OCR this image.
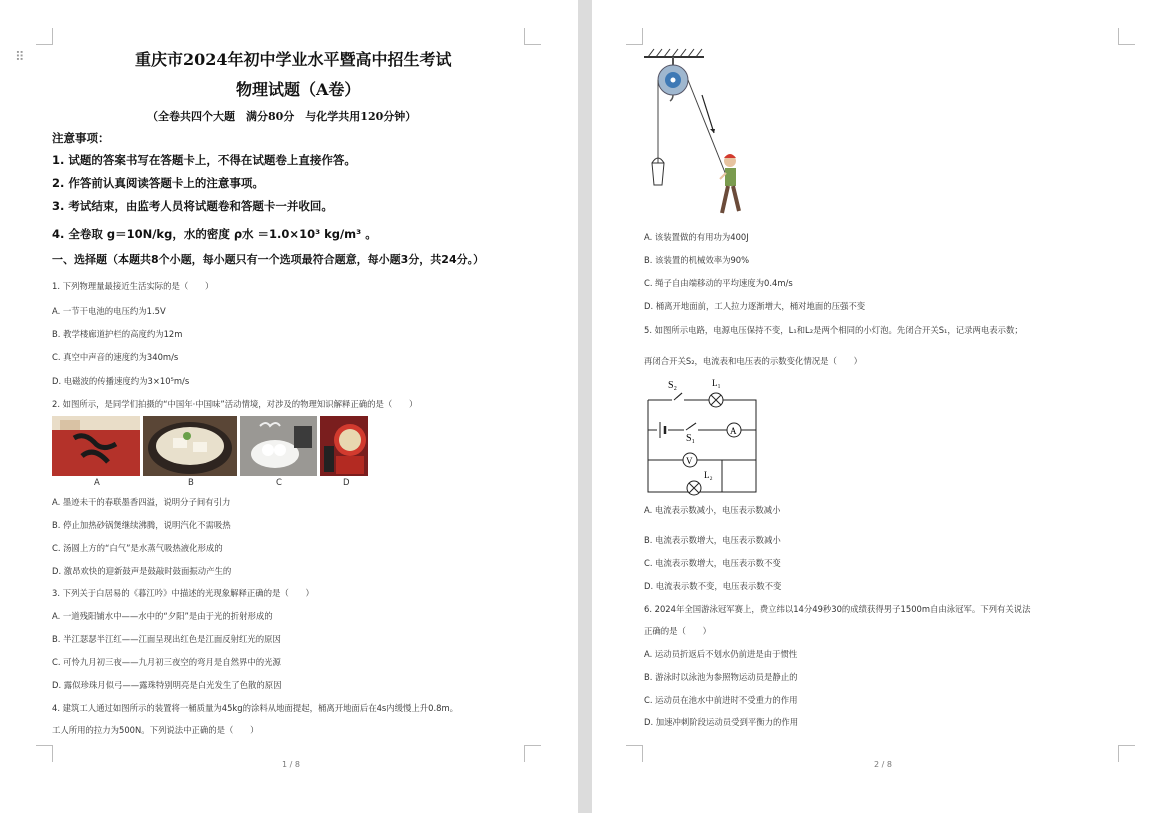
⠿	重庆市2024年初中学业水平暨高中招生考试
物理试题（A卷）
（全卷共四个大题　满分80分　与化学共用120分钟）
注意事项：
1. 试题的答案书写在答题卡上，不得在试题卷上直接作答。
2. 作答前认真阅读答题卡上的注意事项。
3. 考试结束，由监考人员将试题卷和答题卡一并收回。
4. 全卷取 g＝10N/kg，水的密度 ρ水 ＝1.0×10³ kg/m³ 。
一、选择题（本题共8个小题，每小题只有一个选项最符合题意，每小题3分，共24分。）
1. 下列物理量最接近生活实际的是（　　）
A. 一节干电池的电压约为1.5V
B. 教学楼廊道护栏的高度约为12m
C. 真空中声音的速度约为340m/s
D. 电磁波的传播速度约为3×10⁵m/s
2. 如图所示，是同学们拍摄的“中国年·中国味”活动情境，对涉及的物理知识解释正确的是（　　）
A	B	C	D
A. 墨迹未干的春联墨香四溢，说明分子间有引力
B. 停止加热砂锅煲继续沸腾，说明汽化不需吸热
C. 汤圆上方的“白气”是水蒸气吸热液化形成的
D. 激昂欢快的迎新鼓声是鼓敲时鼓面振动产生的
3. 下列关于白居易的《暮江吟》中描述的光现象解释正确的是（　　）
A. 一道残阳铺水中——水中的“夕阳”是由于光的折射形成的
B. 半江瑟瑟半江红——江面呈现出红色是江面反射红光的原因
C. 可怜九月初三夜——九月初三夜空的弯月是自然界中的光源
D. 露似珍珠月似弓——露珠特别明亮是白光发生了色散的原因
4. 建筑工人通过如图所示的装置将一桶质量为45kg的涂料从地面提起，桶离开地面后在4s内缓慢上升0.8m。
工人所用的拉力为500N。下列说法中正确的是（　　）
1 / 8
A. 该装置做的有用功为400J
B. 该装置的机械效率为90%
C. 绳子自由端移动的平均速度为0.4m/s
D. 桶离开地面前，工人拉力逐渐增大，桶对地面的压强不变
5. 如图所示电路，电源电压保持不变，L₁和L₂是两个相同的小灯泡。先闭合开关S₁，记录两电表示数；
再闭合开关S₂，电流表和电压表的示数变化情况是（　　）
S₂	L₁
S₁
A
V
L₂
A. 电流表示数减小，电压表示数减小
B. 电流表示数增大，电压表示数减小
C. 电流表示数增大，电压表示数不变
D. 电流表示数不变，电压表示数不变
6. 2024年全国游泳冠军赛上，费立纬以14分49秒30的成绩获得男子1500m自由泳冠军。下列有关说法
正确的是（　　）
A. 运动员折返后不划水仍前进是由于惯性
B. 游泳时以泳池为参照物运动员是静止的
C. 运动员在池水中前进时不受重力的作用
D. 加速冲刺阶段运动员受到平衡力的作用
2 / 8
